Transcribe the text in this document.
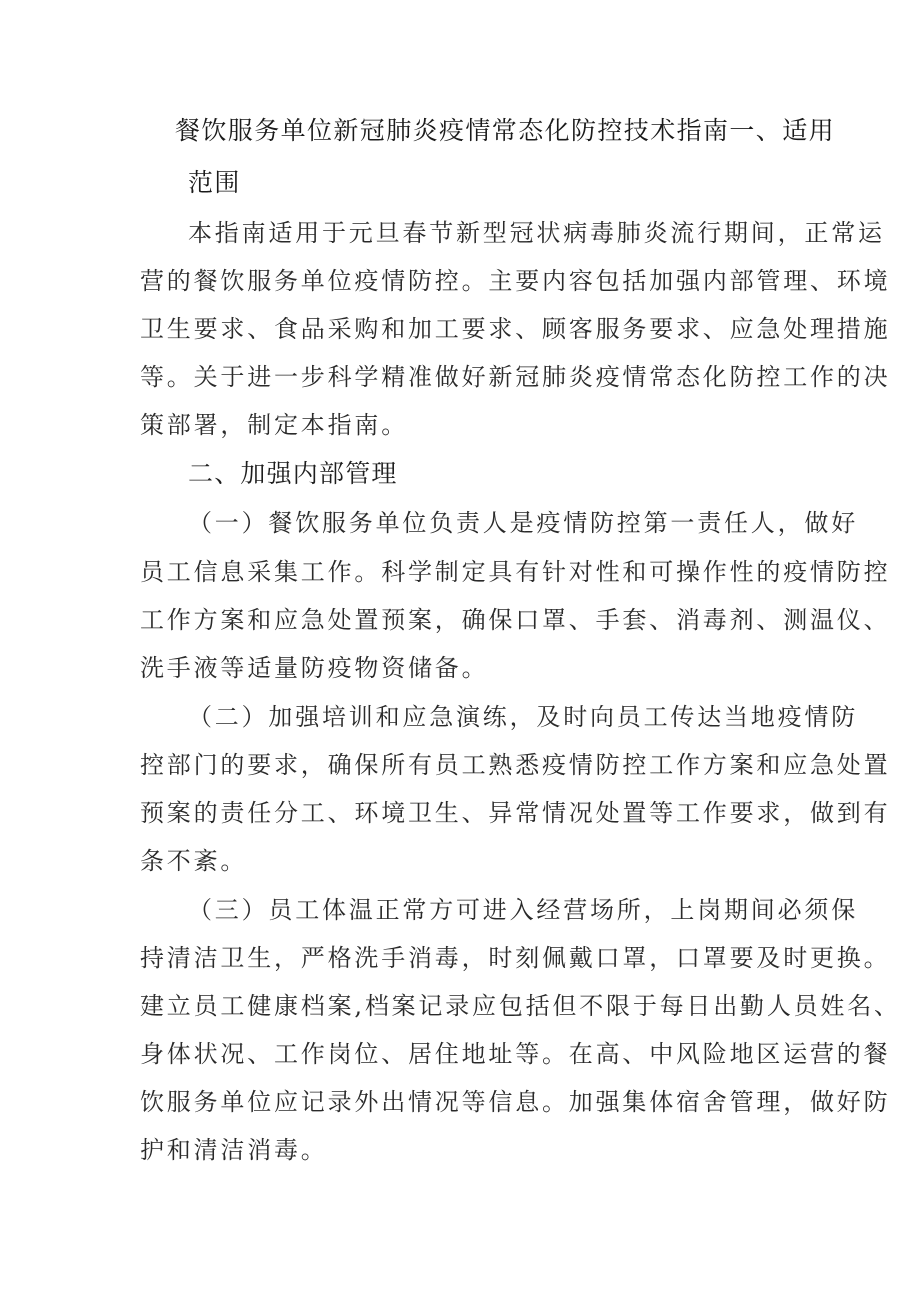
餐饮服务单位新冠肺炎疫情常态化防控技术指南一、适用
范围
本指南适用于元旦春节新型冠状病毒肺炎流行期间，正常运
营的餐饮服务单位疫情防控。主要内容包括加强内部管理、环境
卫生要求、食品采购和加工要求、顾客服务要求、应急处理措施
等。关于进一步科学精准做好新冠肺炎疫情常态化防控工作的决
策部署，制定本指南。
二、加强内部管理
（一）餐饮服务单位负责人是疫情防控第一责任人，做好
员工信息采集工作。科学制定具有针对性和可操作性的疫情防控
工作方案和应急处置预案，确保口罩、手套、消毒剂、测温仪、
洗手液等适量防疫物资储备。
（二）加强培训和应急演练，及时向员工传达当地疫情防
控部门的要求，确保所有员工熟悉疫情防控工作方案和应急处置
预案的责任分工、环境卫生、异常情况处置等工作要求，做到有
条不紊。
（三）员工体温正常方可进入经营场所，上岗期间必须保
持清洁卫生，严格洗手消毒，时刻佩戴口罩，口罩要及时更换。
建立员工健康档案,档案记录应包括但不限于每日出勤人员姓名、
身体状况、工作岗位、居住地址等。在高、中风险地区运营的餐
饮服务单位应记录外出情况等信息。加强集体宿舍管理，做好防
护和清洁消毒。
